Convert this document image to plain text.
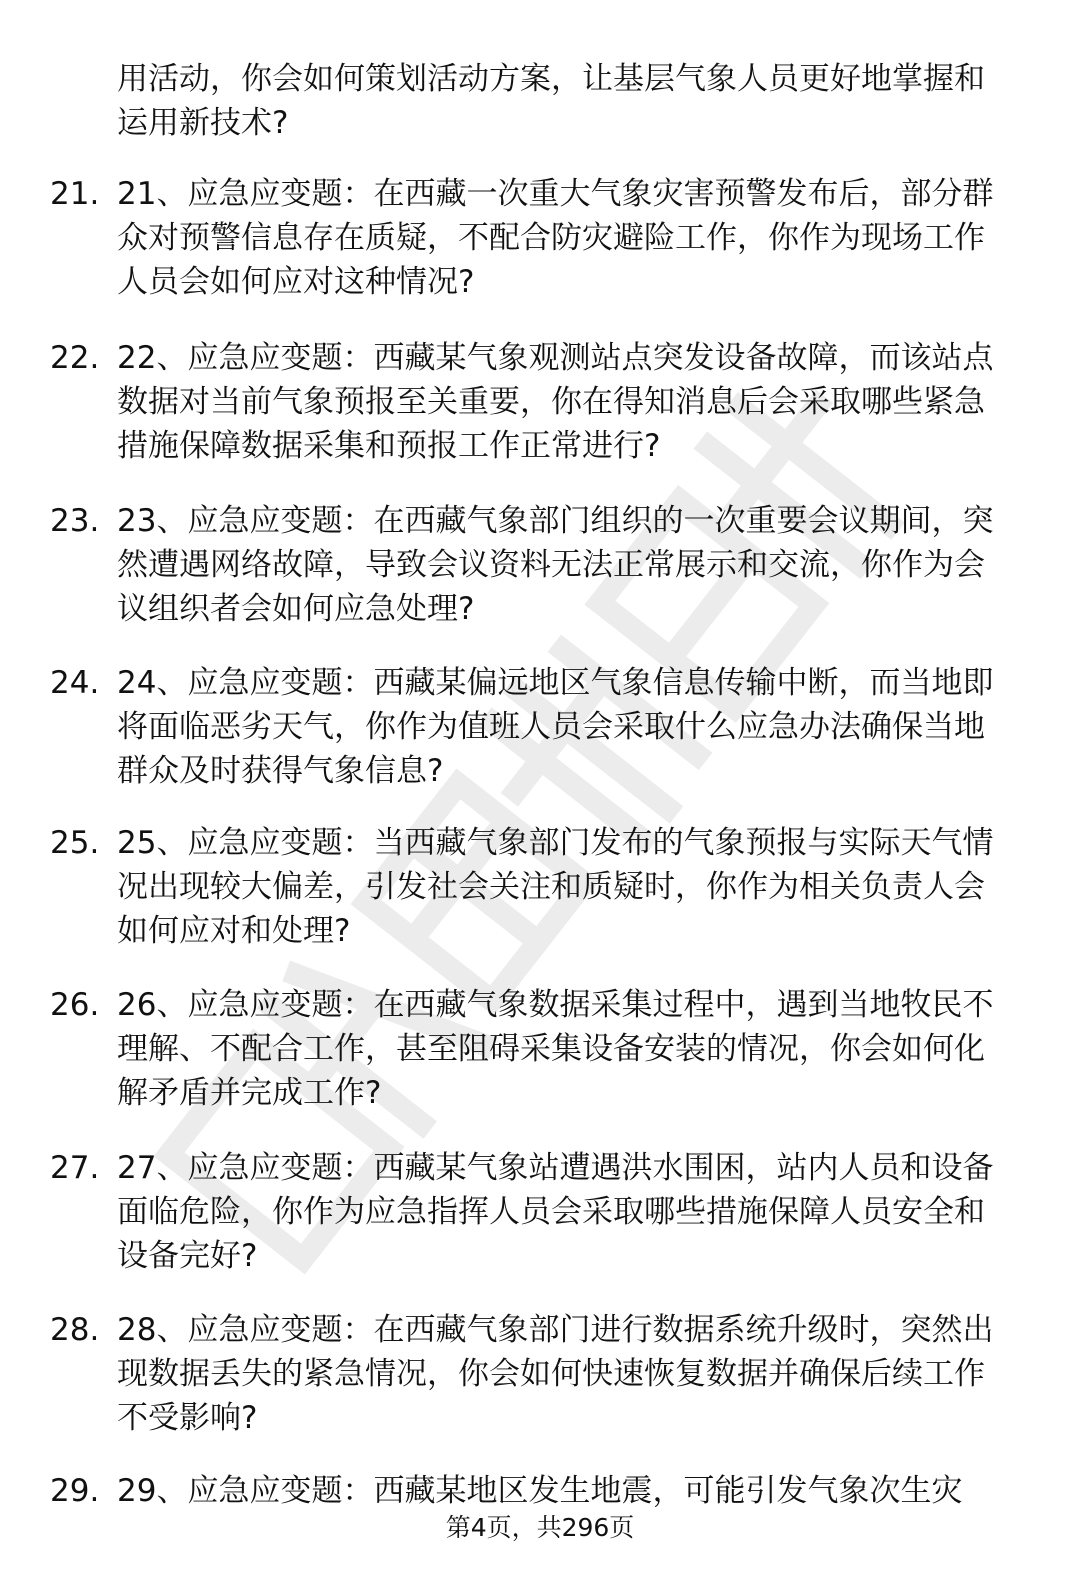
用活动，你会如何策划活动方案，让基层气象人员更好地掌握和
运用新技术?
21. 21、应急应变题：在西藏一次重大气象灾害预警发布后，部分群
众对预警信息存在质疑，不配合防灾避险工作，你作为现场工作
人员会如何应对这种情况?
22. 22、应急应变题：西藏某气象观测站点突发设备故障，而该站点
数据对当前气象预报至关重要，你在得知消息后会采取哪些紧急
措施保障数据采集和预报工作正常进行?
23. 23、应急应变题：在西藏气象部门组织的一次重要会议期间，突
然遭遇网络故障，导致会议资料无法正常展示和交流，你作为会
议组织者会如何应急处理?
24. 24、应急应变题：西藏某偏远地区气象信息传输中断，而当地即
将面临恶劣天气，你作为值班人员会采取什么应急办法确保当地
群众及时获得气象信息?
25. 25、应急应变题：当西藏气象部门发布的气象预报与实际天气情
况出现较大偏差，引发社会关注和质疑时，你作为相关负责人会
如何应对和处理?
26. 26、应急应变题：在西藏气象数据采集过程中，遇到当地牧民不
理解、不配合工作，甚至阻碍采集设备安装的情况，你会如何化
解矛盾并完成工作?
27. 27、应急应变题：西藏某气象站遭遇洪水围困，站内人员和设备
面临危险，你作为应急指挥人员会采取哪些措施保障人员安全和
设备完好?
28. 28、应急应变题：在西藏气象部门进行数据系统升级时，突然出
现数据丢失的紧急情况，你会如何快速恢复数据并确保后续工作
不受影响?
29. 29、应急应变题：西藏某地区发生地震，可能引发气象次生灾
第4页，共296页
